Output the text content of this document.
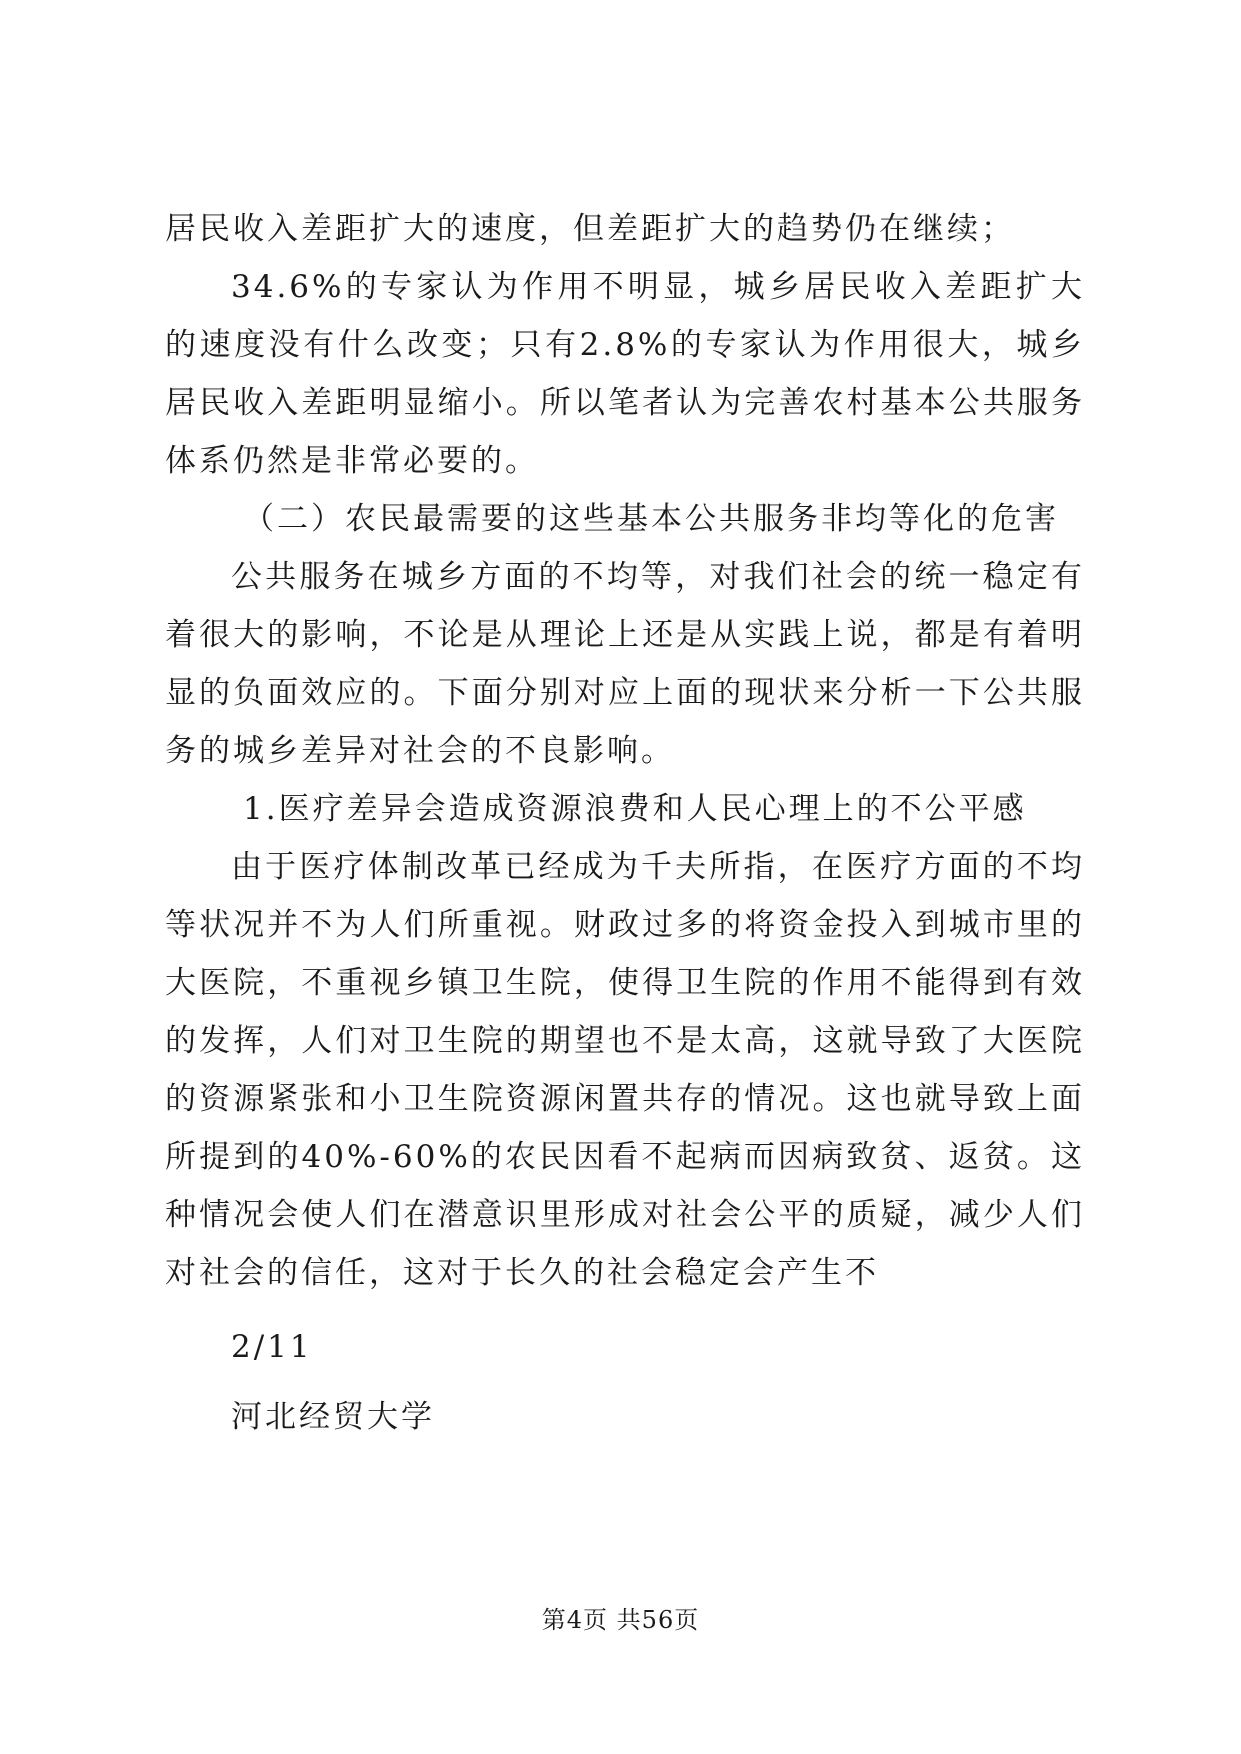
居民收入差距扩大的速度，但差距扩大的趋势仍在继续；

34.6%的专家认为作用不明显，城乡居民收入差距扩大的速度没有什么改变；只有2.8%的专家认为作用很大，城乡居民收入差距明显缩小。所以笔者认为完善农村基本公共服务体系仍然是非常必要的。

（二）农民最需要的这些基本公共服务非均等化的危害

公共服务在城乡方面的不均等，对我们社会的统一稳定有着很大的影响，不论是从理论上还是从实践上说，都是有着明显的负面效应的。下面分别对应上面的现状来分析一下公共服务的城乡差异对社会的不良影响。

1.医疗差异会造成资源浪费和人民心理上的不公平感

由于医疗体制改革已经成为千夫所指，在医疗方面的不均等状况并不为人们所重视。财政过多的将资金投入到城市里的大医院，不重视乡镇卫生院，使得卫生院的作用不能得到有效的发挥，人们对卫生院的期望也不是太高，这就导致了大医院的资源紧张和小卫生院资源闲置共存的情况。这也就导致上面所提到的40%-60%的农民因看不起病而因病致贫、返贫。这种情况会使人们在潜意识里形成对社会公平的质疑，减少人们对社会的信任，这对于长久的社会稳定会产生不

2/11

河北经贸大学

第4页 共56页
